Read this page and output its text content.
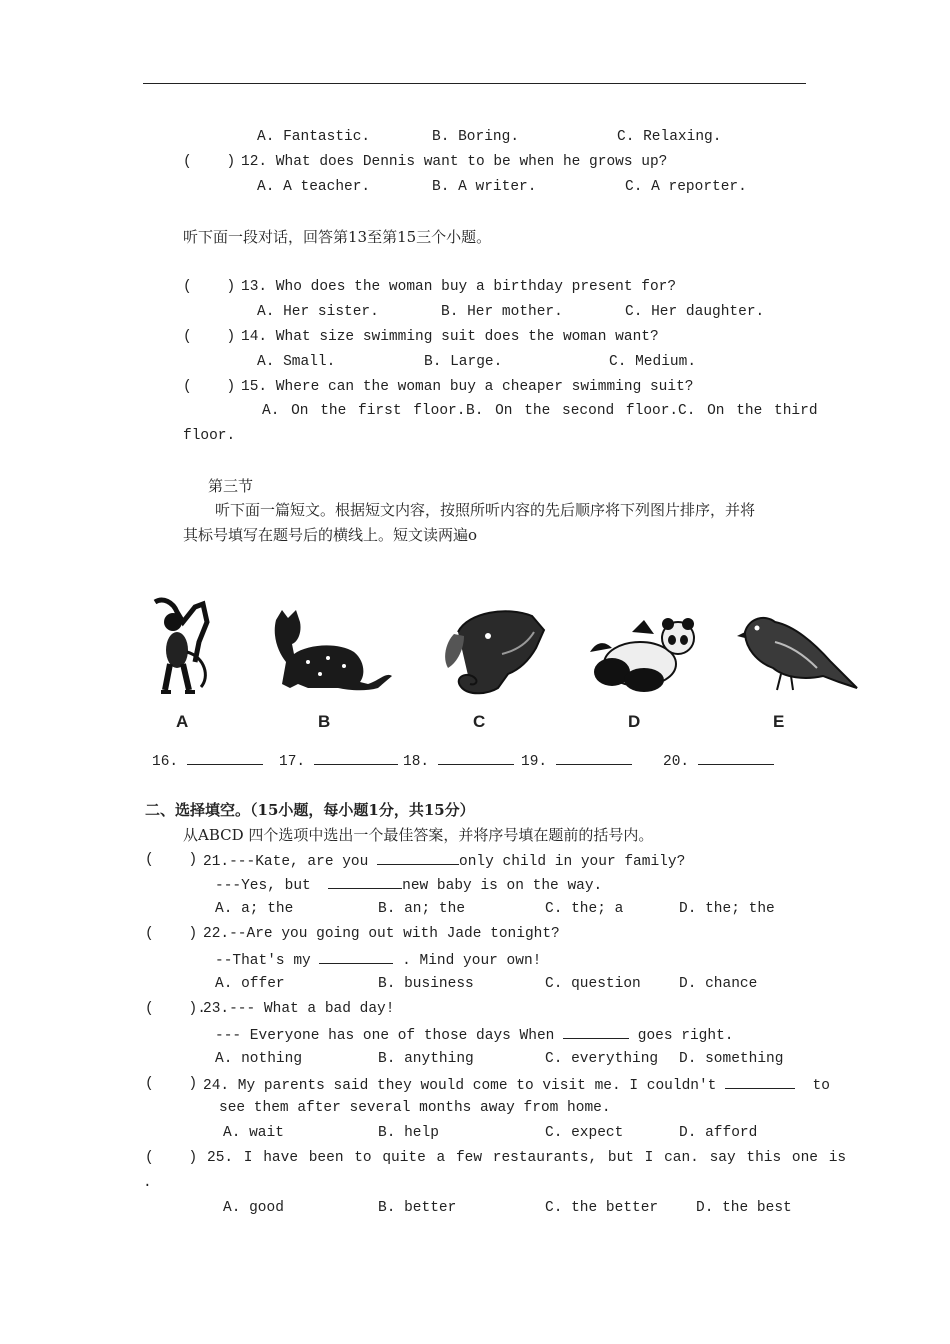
A. Fantastic.	B. Boring.	C. Relaxing.
(    ) 12. What does Dennis want to be when he grows up?
A. A teacher.	B. A writer.	C. A reporter.
听下面一段对话，回答第13至第15三个小题。
(    ) 13. Who does the woman buy a birthday present for?
A. Her sister.	B. Her mother.	C. Her daughter.
(    ) 14. What size swimming suit does the woman want?
A. Small.	B. Large.	C. Medium.
(    ) 15. Where can the woman buy a cheaper swimming suit?
A. On the first floor. B. On the second floor. C. On the third
floor.
第三节
听下面一篇短文。根据短文内容，按照所听内容的先后顺序将下列图片排序，并将
其标号填写在题号后的横线上。短文读两遍o
A	B	C	D	E
16.	17.	18.	19.	20.
二、选择填空。（15小题，每小题1分，共15分）
从ABCD 四个选项中选出一个最佳答案，并将序号填在题前的括号内。
(    ) 21.---Kate, are you	only child in your family?
---Yes, but	new baby is on the way.
A. a; the	B. an; the	C. the; a	D. the; the
(    ) 22.--Are you going out with Jade tonight?
--That's my	. Mind your own!
A. offer	B. business	C. question	D. chance
(    ).
23.--- What a bad day!
--- Everyone has one of those days When	goes right.
A. nothing	B. anything	C. everything D. something
(    ) 24. My parents said they would come to visit me. I couldn't	to
see them after several months away from home.
A. wait	B. help	C. expect	D. afford
(    ) 25. I have been to quite a few restaurants, but I can. say this one is
.
A. good	B. better	C. the better	D. the best
